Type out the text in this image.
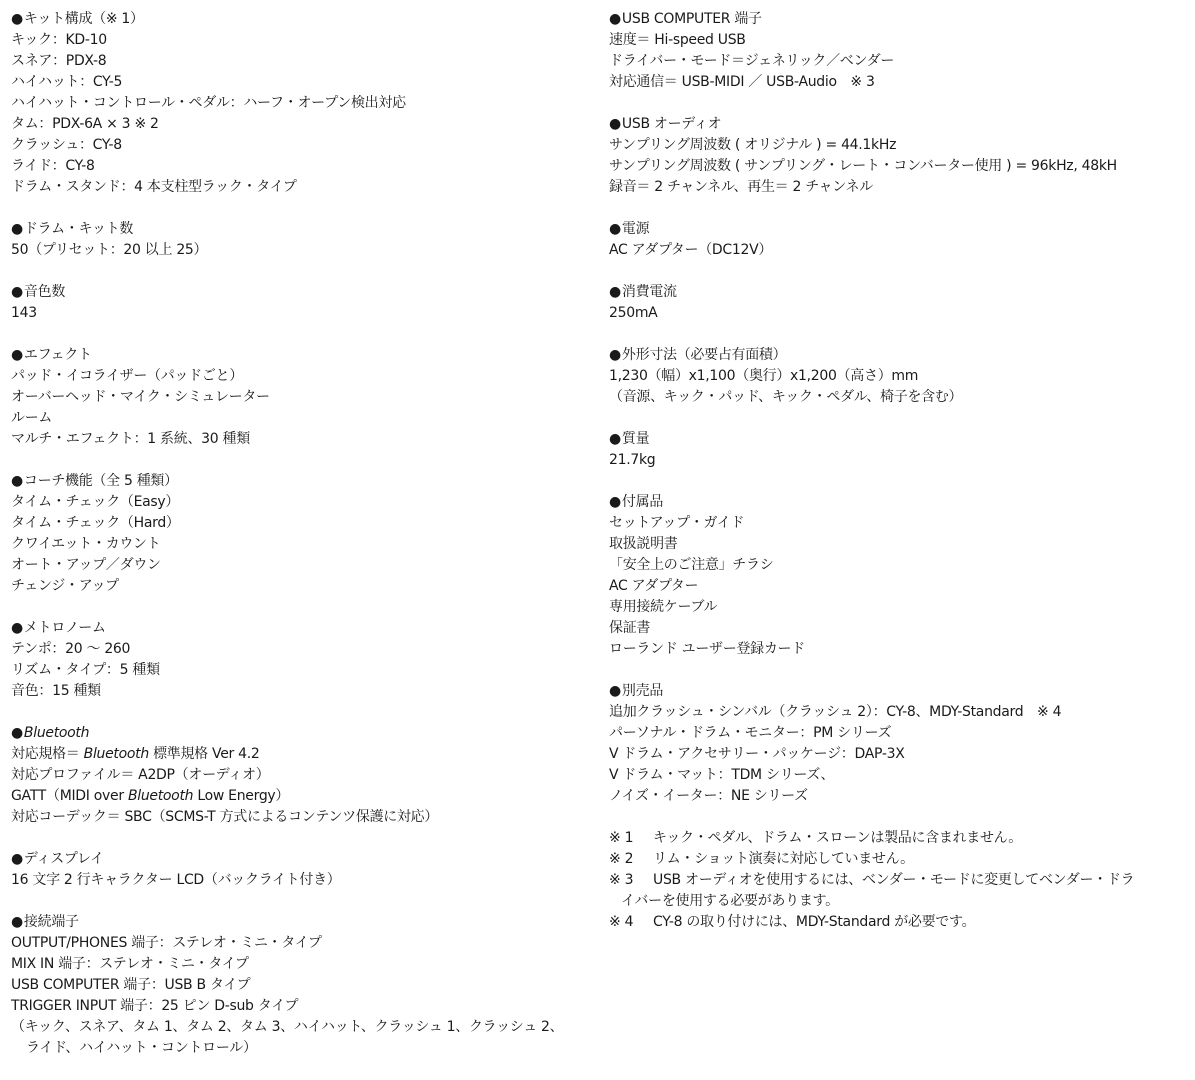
●キット構成（※ 1）
キック：KD-10
スネア：PDX-8
ハイハット：CY-5
ハイハット・コントロール・ペダル：ハーフ・オープン検出対応
タム：PDX-6A × 3 ※ 2
クラッシュ：CY-8
ライド：CY-8
ドラム・スタンド：4 本支柱型ラック・タイプ
●ドラム・キット数
50（プリセット：20 以上 25）
●音色数
143
●エフェクト
パッド・イコライザー（パッドごと）
オーバーヘッド・マイク・シミュレーター
ルーム
マルチ・エフェクト：1 系統、30 種類
●コーチ機能（全 5 種類）
タイム・チェック（Easy）
タイム・チェック（Hard）
クワイエット・カウント
オート・アップ／ダウン
チェンジ・アップ
●メトロノーム
テンポ：20 〜 260
リズム・タイプ：5 種類
音色：15 種類
●Bluetooth
対応規格＝ Bluetooth 標準規格 Ver 4.2
対応プロファイル＝ A2DP（オーディオ）
GATT（MIDI over Bluetooth Low Energy）
対応コーデック＝ SBC（SCMS-T 方式によるコンテンツ保護に対応）
●ディスプレイ
16 文字 2 行キャラクター LCD（バックライト付き）
●接続端子
OUTPUT/PHONES 端子：ステレオ・ミニ・タイプ
MIX IN 端子：ステレオ・ミニ・タイプ
USB COMPUTER 端子：USB B タイプ
TRIGGER INPUT 端子：25 ピン D-sub タイプ
（キック、スネア、タム 1、タム 2、タム 3、ハイハット、クラッシュ 1、クラッシュ 2、
ライド、ハイハット・コントロール）
●USB COMPUTER 端子
速度＝ Hi-speed USB
ドライバー・モード＝ジェネリック／ベンダー
対応通信＝ USB-MIDI ／ USB-Audio　※ 3
●USB オーディオ
サンプリング周波数 ( オリジナル ) = 44.1kHz
サンプリング周波数 ( サンプリング・レート・コンバーター使用 ) = 96kHz, 48kH
録音＝ 2 チャンネル、再生＝ 2 チャンネル
●電源
AC アダプター（DC12V）
●消費電流
250mA
●外形寸法（必要占有面積）
1,230（幅）x1,100（奥行）x1,200（高さ）mm
（音源、キック・パッド、キック・ペダル、椅子を含む）
●質量
21.7kg
●付属品
セットアップ・ガイド
取扱説明書
「安全上のご注意」チラシ
AC アダプター
専用接続ケーブル
保証書
ローランド ユーザー登録カード
●別売品
追加クラッシュ・シンバル（クラッシュ 2）：CY-8、MDY-Standard　※ 4
パーソナル・ドラム・モニター：PM シリーズ
V ドラム・アクセサリー・パッケージ：DAP-3X
V ドラム・マット：TDM シリーズ、
ノイズ・イーター：NE シリーズ
※ 1	キック・ペダル、ドラム・スローンは製品に含まれません。
※ 2	リム・ショット演奏に対応していません。
※ 3	USB オーディオを使用するには、ベンダー・モードに変更してベンダー・ドラ
イバーを使用する必要があります。
※ 4	CY-8 の取り付けには、MDY-Standard が必要です。
